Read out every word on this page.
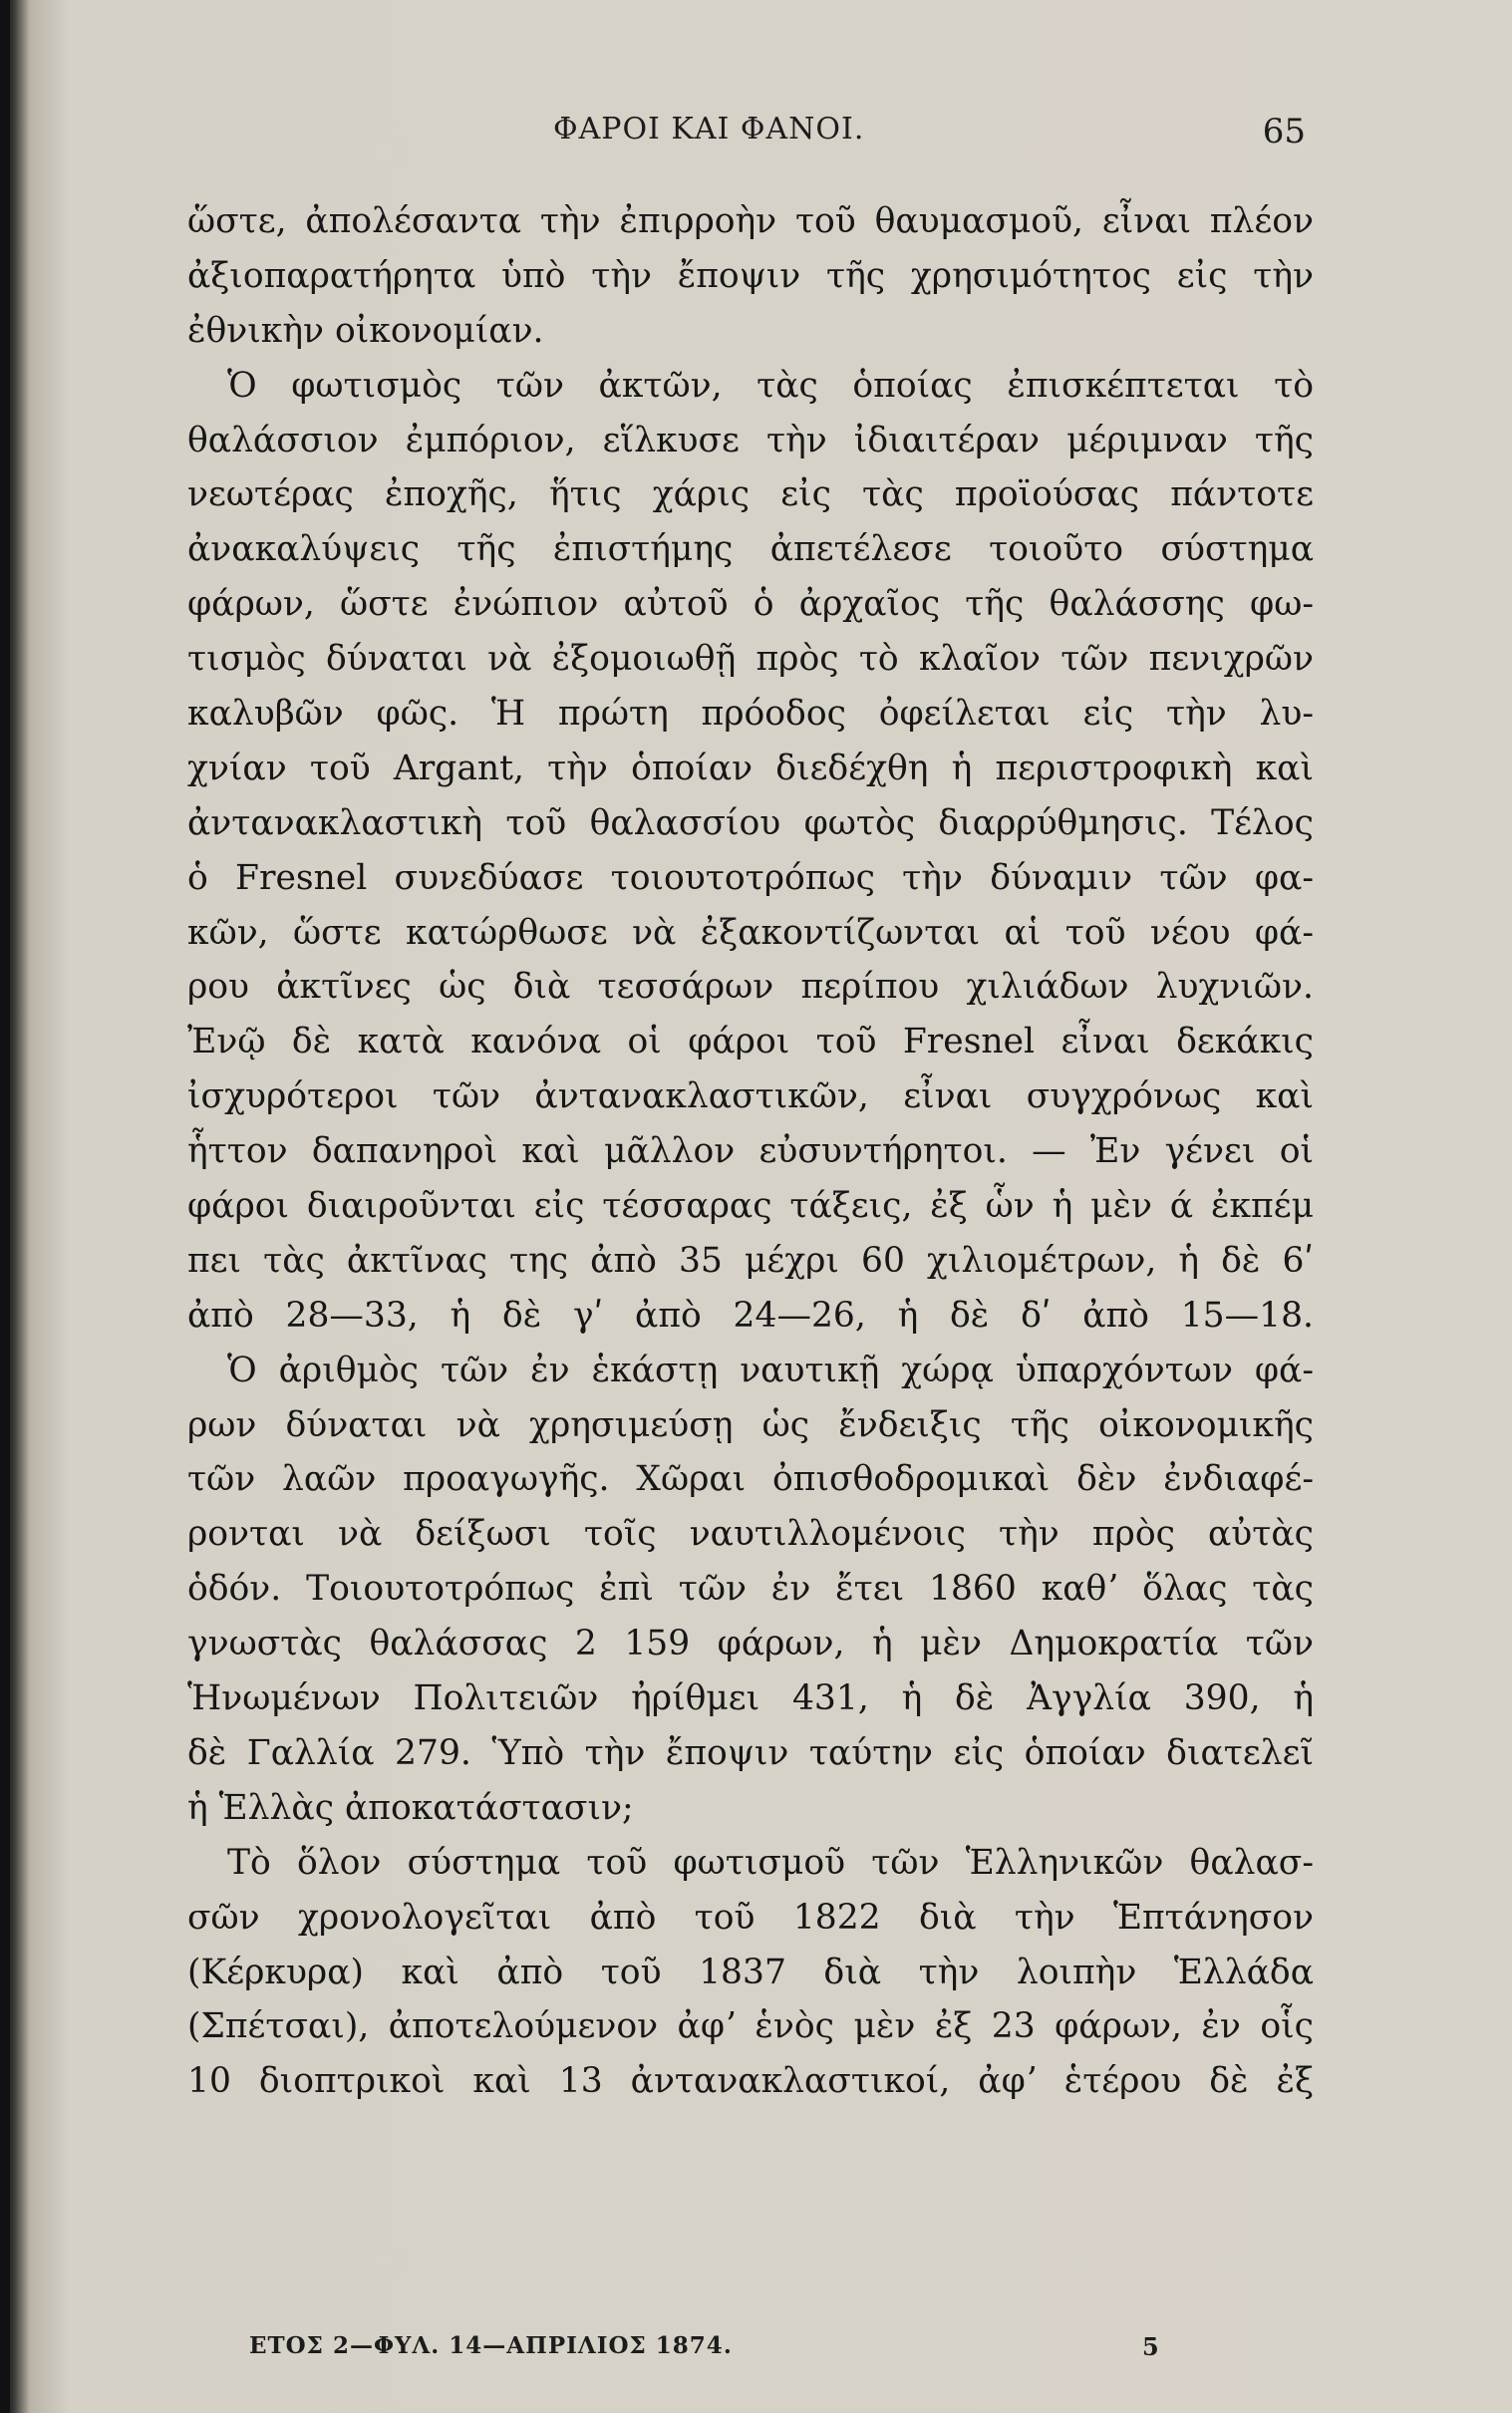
ΦΑΡΟΙ ΚΑΙ ΦΑΝΟΙ.	65
ὥστε, ἀπολέσαντα τὴν ἐπιρροὴν τοῦ θαυμασμοῦ, εἶναι πλέον
ἀξιοπαρατήρητα ὑπὸ τὴν ἔποψιν τῆς χρησιμότητος εἰς τὴν
ἐθνικὴν οἰκονομίαν.
Ὁ φωτισμὸς τῶν ἀκτῶν, τὰς ὁποίας ἐπισκέπτεται τὸ
θαλάσσιον ἐμπόριον, εἵλκυσε τὴν ἰδιαιτέραν μέριμναν τῆς
νεωτέρας ἐποχῆς, ἥτις χάρις εἰς τὰς προϊούσας πάντοτε
ἀνακαλύψεις τῆς ἐπιστήμης ἀπετέλεσε τοιοῦτο σύστημα
φάρων, ὥστε ἐνώπιον αὐτοῦ ὁ ἀρχαῖος τῆς θαλάσσης φω-
τισμὸς δύναται νὰ ἐξομοιωθῇ πρὸς τὸ κλαῖον τῶν πενιχρῶν
καλυβῶν φῶς. Ἡ πρώτη πρόοδος ὀφείλεται εἰς τὴν λυ-
χνίαν τοῦ Argant, τὴν ὁποίαν διεδέχθη ἡ περιστροφικὴ καὶ
ἀντανακλαστικὴ τοῦ θαλασσίου φωτὸς διαρρύθμησις. Τέλος
ὁ Fresnel συνεδύασε τοιουτοτρόπως τὴν δύναμιν τῶν φα-
κῶν, ὥστε κατώρθωσε νὰ ἐξακοντίζωνται αἱ τοῦ νέου φά-
ρου ἀκτῖνες ὡς διὰ τεσσάρων περίπου χιλιάδων λυχνιῶν.
Ἐνῷ δὲ κατὰ κανόνα οἱ φάροι τοῦ Fresnel εἶναι δεκάκις
ἰσχυρότεροι τῶν ἀντανακλαστικῶν, εἶναι συγχρόνως καὶ
ἧττον δαπανηροὶ καὶ μᾶλλον εὐσυντήρητοι. — Ἐν γένει οἱ
φάροι διαιροῦνται εἰς τέσσαρας τάξεις, ἐξ ὧν ἡ μὲν ά ἐκπέμ
πει τὰς ἀκτῖνας της ἀπὸ 35 μέχρι 60 χιλιομέτρων, ἡ δὲ 6ʹ
ἀπὸ 28—33, ἡ δὲ γʹ ἀπὸ 24—26, ἡ δὲ δʹ ἀπὸ 15—18.
Ὁ ἀριθμὸς τῶν ἐν ἑκάστῃ ναυτικῇ χώρᾳ ὑπαρχόντων φά-
ρων δύναται νὰ χρησιμεύσῃ ὡς ἔνδειξις τῆς οἰκονομικῆς
τῶν λαῶν προαγωγῆς. Χῶραι ὀπισθοδρομικαὶ δὲν ἐνδιαφέ-
ρονται νὰ δείξωσι τοῖς ναυτιλλομένοις τὴν πρὸς αὐτὰς
ὁδόν. Τοιουτοτρόπως ἐπὶ τῶν ἐν ἔτει 1860 καθʼ ὅλας τὰς
γνωστὰς θαλάσσας 2 159 φάρων, ἡ μὲν Δημοκρατία τῶν
Ἡνωμένων Πολιτειῶν ἠρίθμει 431, ἡ δὲ Ἀγγλία 390, ἡ
δὲ Γαλλία 279. Ὑπὸ τὴν ἔποψιν ταύτην εἰς ὁποίαν διατελεῖ
ἡ Ἑλλὰς ἀποκατάστασιν;
Τὸ ὅλον σύστημα τοῦ φωτισμοῦ τῶν Ἑλληνικῶν θαλασ-
σῶν χρονολογεῖται ἀπὸ τοῦ 1822 διὰ τὴν Ἑπτάνησον
(Κέρκυρα) καὶ ἀπὸ τοῦ 1837 διὰ τὴν λοιπὴν Ἑλλάδα
(Σπέτσαι), ἀποτελούμενον ἀφʼ ἑνὸς μὲν ἐξ 23 φάρων, ἐν οἷς
10 διοπτρικοὶ καὶ 13 ἀντανακλαστικοί, ἀφʼ ἑτέρου δὲ ἐξ
ΕΤΟΣ 2—ΦΥΛ. 14—ΑΠΡΙΛΙΟΣ 1874.	5
